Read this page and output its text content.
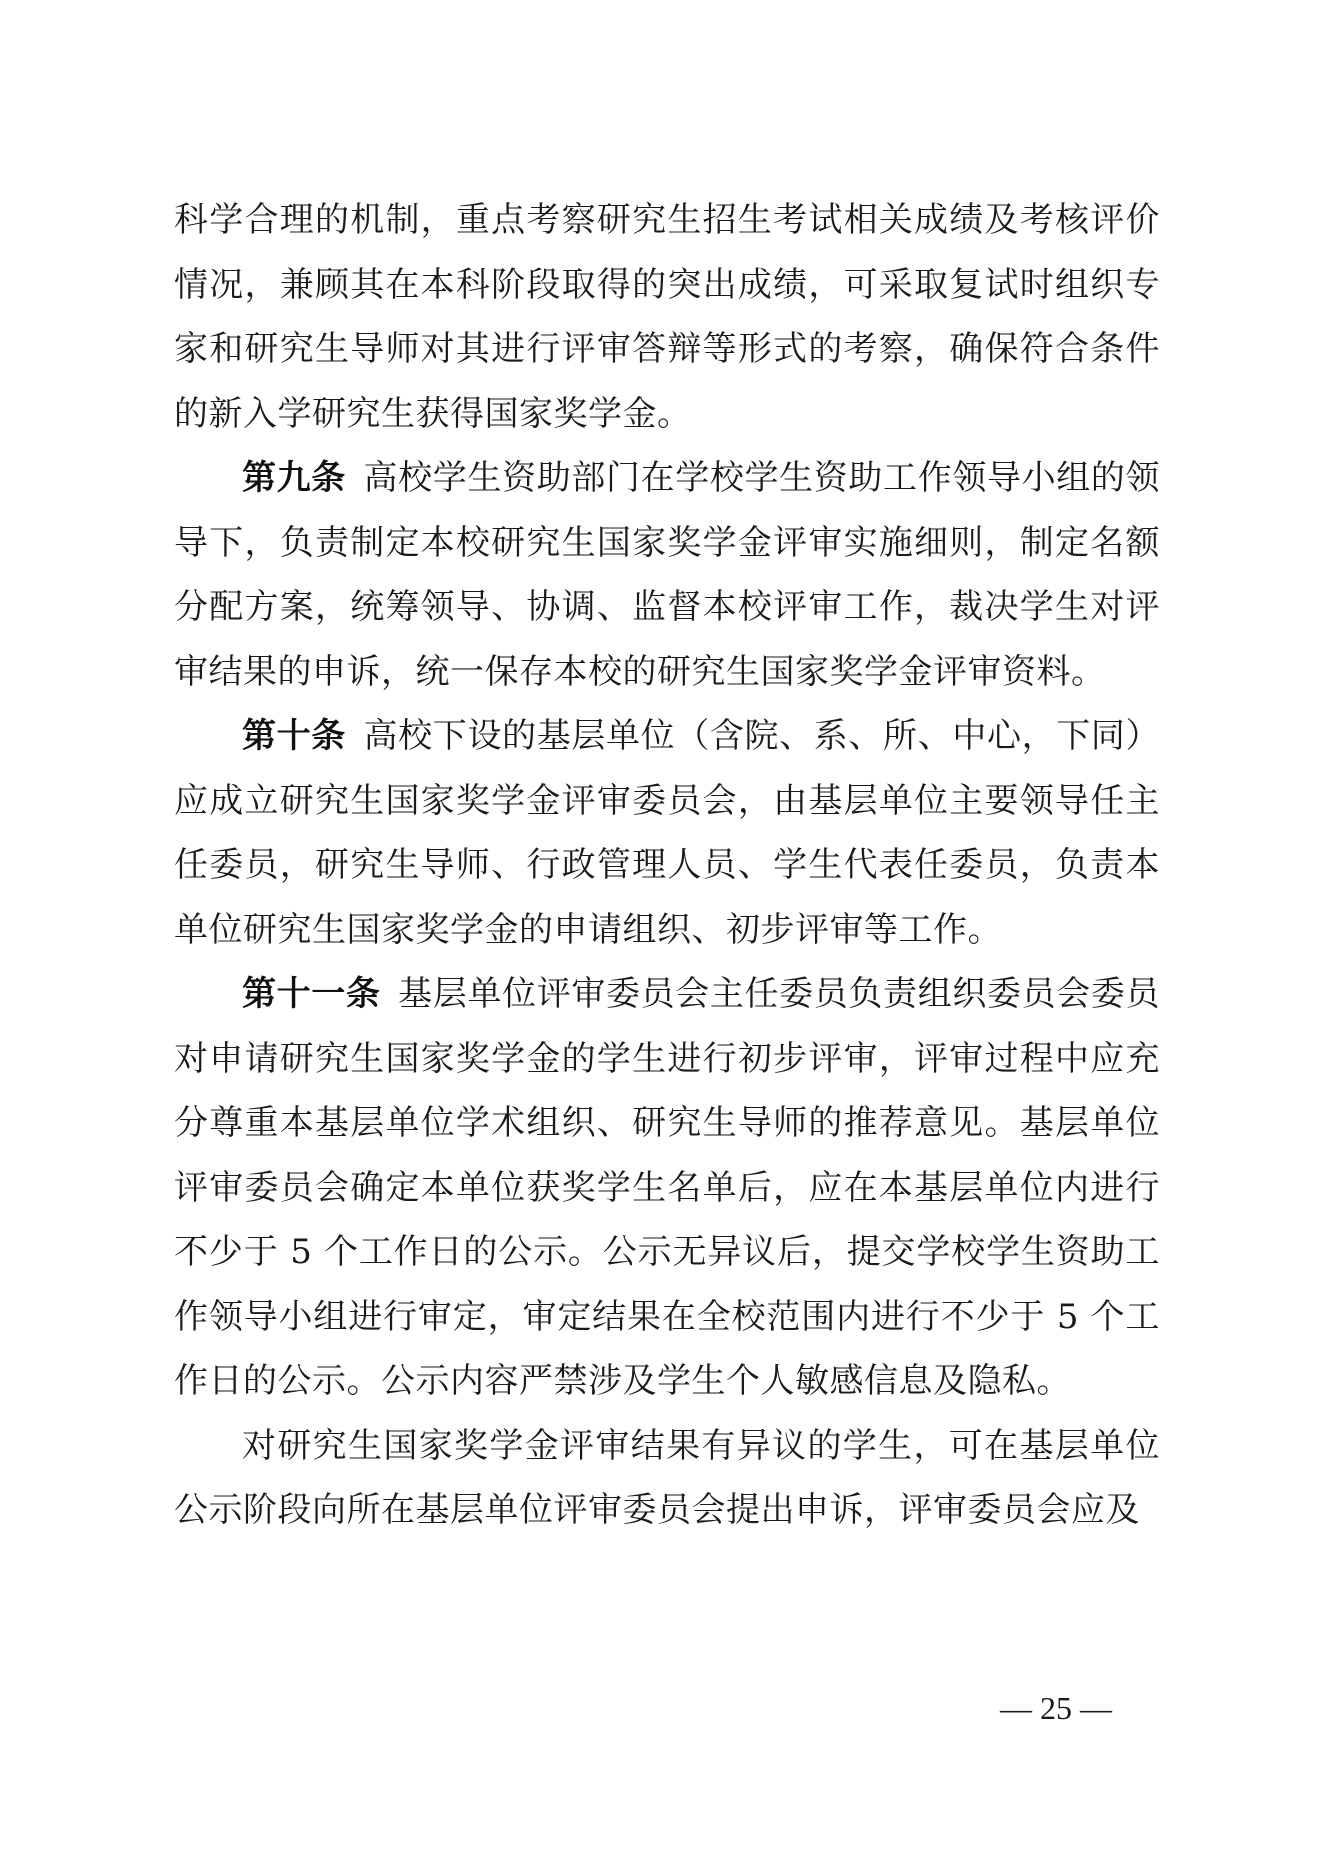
科学合理的机制，重点考察研究生招生考试相关成绩及考核评价情况，兼顾其在本科阶段取得的突出成绩，可采取复试时组织专家和研究生导师对其进行评审答辩等形式的考察，确保符合条件的新入学研究生获得国家奖学金。

第九条  高校学生资助部门在学校学生资助工作领导小组的领导下，负责制定本校研究生国家奖学金评审实施细则，制定名额分配方案，统筹领导、协调、监督本校评审工作，裁决学生对评审结果的申诉，统一保存本校的研究生国家奖学金评审资料。

第十条  高校下设的基层单位（含院、系、所、中心，下同）应成立研究生国家奖学金评审委员会，由基层单位主要领导任主任委员，研究生导师、行政管理人员、学生代表任委员，负责本单位研究生国家奖学金的申请组织、初步评审等工作。

第十一条  基层单位评审委员会主任委员负责组织委员会委员对申请研究生国家奖学金的学生进行初步评审，评审过程中应充分尊重本基层单位学术组织、研究生导师的推荐意见。基层单位评审委员会确定本单位获奖学生名单后，应在本基层单位内进行不少于 5 个工作日的公示。公示无异议后，提交学校学生资助工作领导小组进行审定，审定结果在全校范围内进行不少于 5 个工作日的公示。公示内容严禁涉及学生个人敏感信息及隐私。

对研究生国家奖学金评审结果有异议的学生，可在基层单位公示阶段向所在基层单位评审委员会提出申诉，评审委员会应及

— 25 —
